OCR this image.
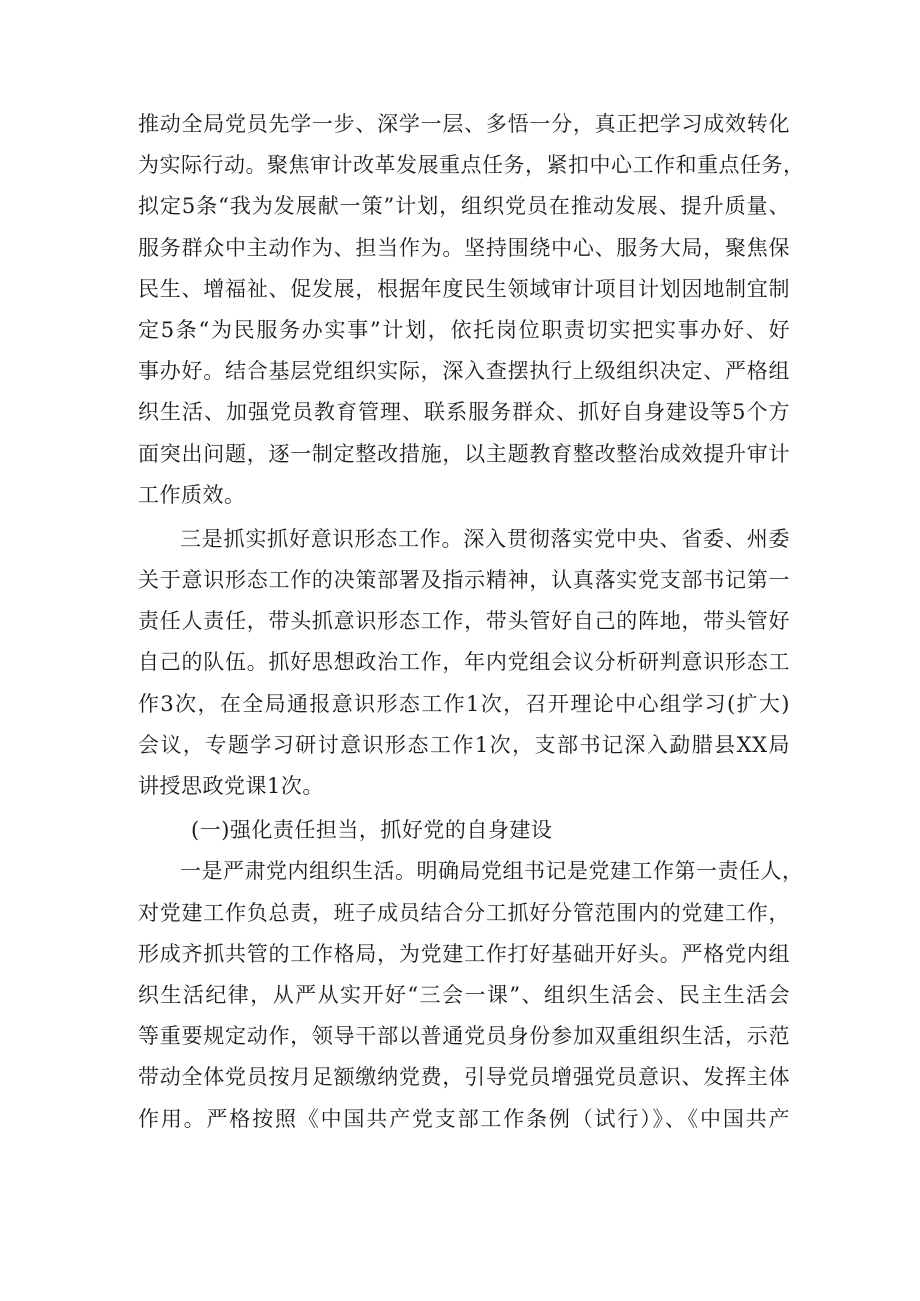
推动全局党员先学一步、深学一层、多悟一分，真正把学习成效转化
为实际行动。聚焦审计改革发展重点任务，紧扣中心工作和重点任务，
拟定5条“我为发展献一策”计划，组织党员在推动发展、提升质量、
服务群众中主动作为、担当作为。坚持围绕中心、服务大局，聚焦保
民生、增福祉、促发展，根据年度民生领域审计项目计划因地制宜制
定5条“为民服务办实事”计划，依托岗位职责切实把实事办好、好
事办好。结合基层党组织实际，深入查摆执行上级组织决定、严格组
织生活、加强党员教育管理、联系服务群众、抓好自身建设等5个方
面突出问题，逐一制定整改措施，以主题教育整改整治成效提升审计
工作质效。
三是抓实抓好意识形态工作。深入贯彻落实党中央、省委、州委
关于意识形态工作的决策部署及指示精神，认真落实党支部书记第一
责任人责任，带头抓意识形态工作，带头管好自己的阵地，带头管好
自己的队伍。抓好思想政治工作，年内党组会议分析研判意识形态工
作3次，在全局通报意识形态工作1次，召开理论中心组学习(扩大)
会议，专题学习研讨意识形态工作1次，支部书记深入勐腊县XX局
讲授思政党课1次。
(一)强化责任担当，抓好党的自身建设
一是严肃党内组织生活。明确局党组书记是党建工作第一责任人，
对党建工作负总责，班子成员结合分工抓好分管范围内的党建工作，
形成齐抓共管的工作格局，为党建工作打好基础开好头。严格党内组
织生活纪律，从严从实开好“三会一课”、组织生活会、民主生活会
等重要规定动作，领导干部以普通党员身份参加双重组织生活，示范
带动全体党员按月足额缴纳党费，引导党员增强党员意识、发挥主体
作用。严格按照《中国共产党支部工作条例（试行）》、《中国共产
